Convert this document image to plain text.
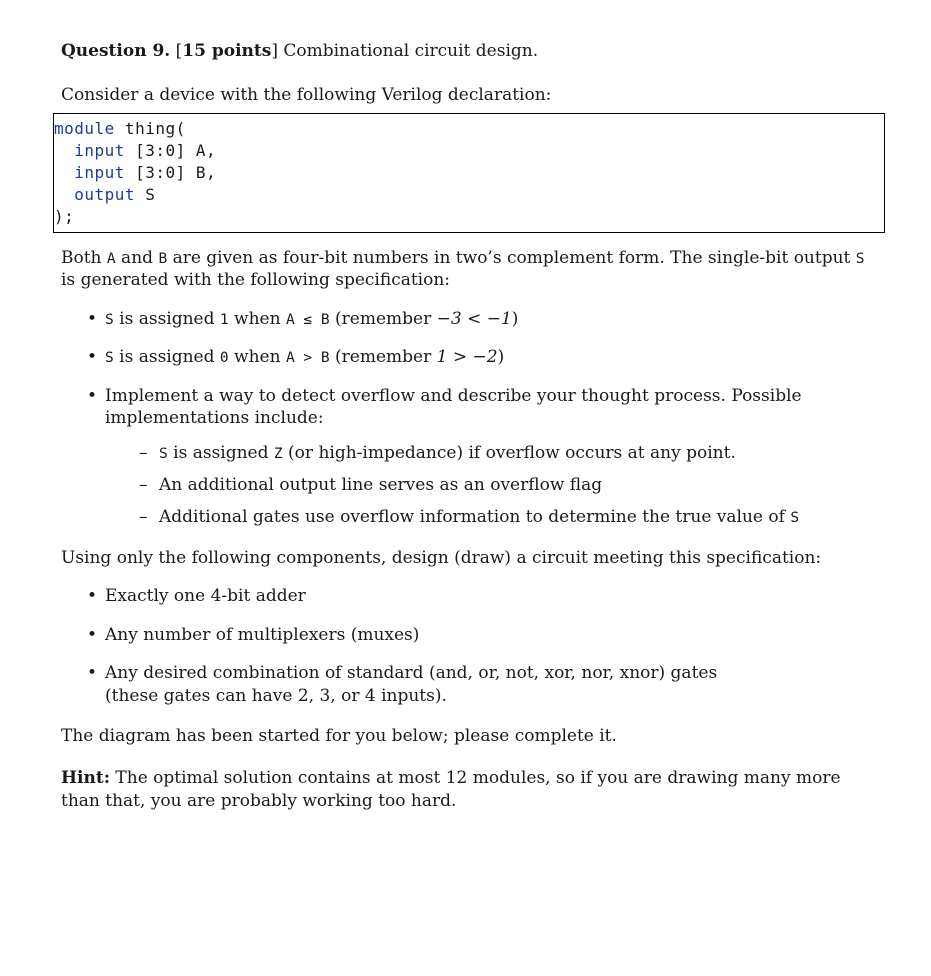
Question 9. [15 points] Combinational circuit design.

Consider a device with the following Verilog declaration:

module thing(
input [3:0] A,
input [3:0] B,
output S
);

Both A and B are given as four-bit numbers in two’s complement form. The single-bit output S is generated with the following specification:

• S is assigned 1 when A ≤ B (remember −3 < −1)
• S is assigned 0 when A > B (remember 1 > −2)
• Implement a way to detect overflow and describe your thought process. Possible implementations include:
– S is assigned Z (or high-impedance) if overflow occurs at any point.
– An additional output line serves as an overflow flag
– Additional gates use overflow information to determine the true value of S

Using only the following components, design (draw) a circuit meeting this specification:

• Exactly one 4-bit adder
• Any number of multiplexers (muxes)
• Any desired combination of standard (and, or, not, xor, nor, xnor) gates
(these gates can have 2, 3, or 4 inputs).

The diagram has been started for you below; please complete it.

Hint: The optimal solution contains at most 12 modules, so if you are drawing many more than that, you are probably working too hard.
